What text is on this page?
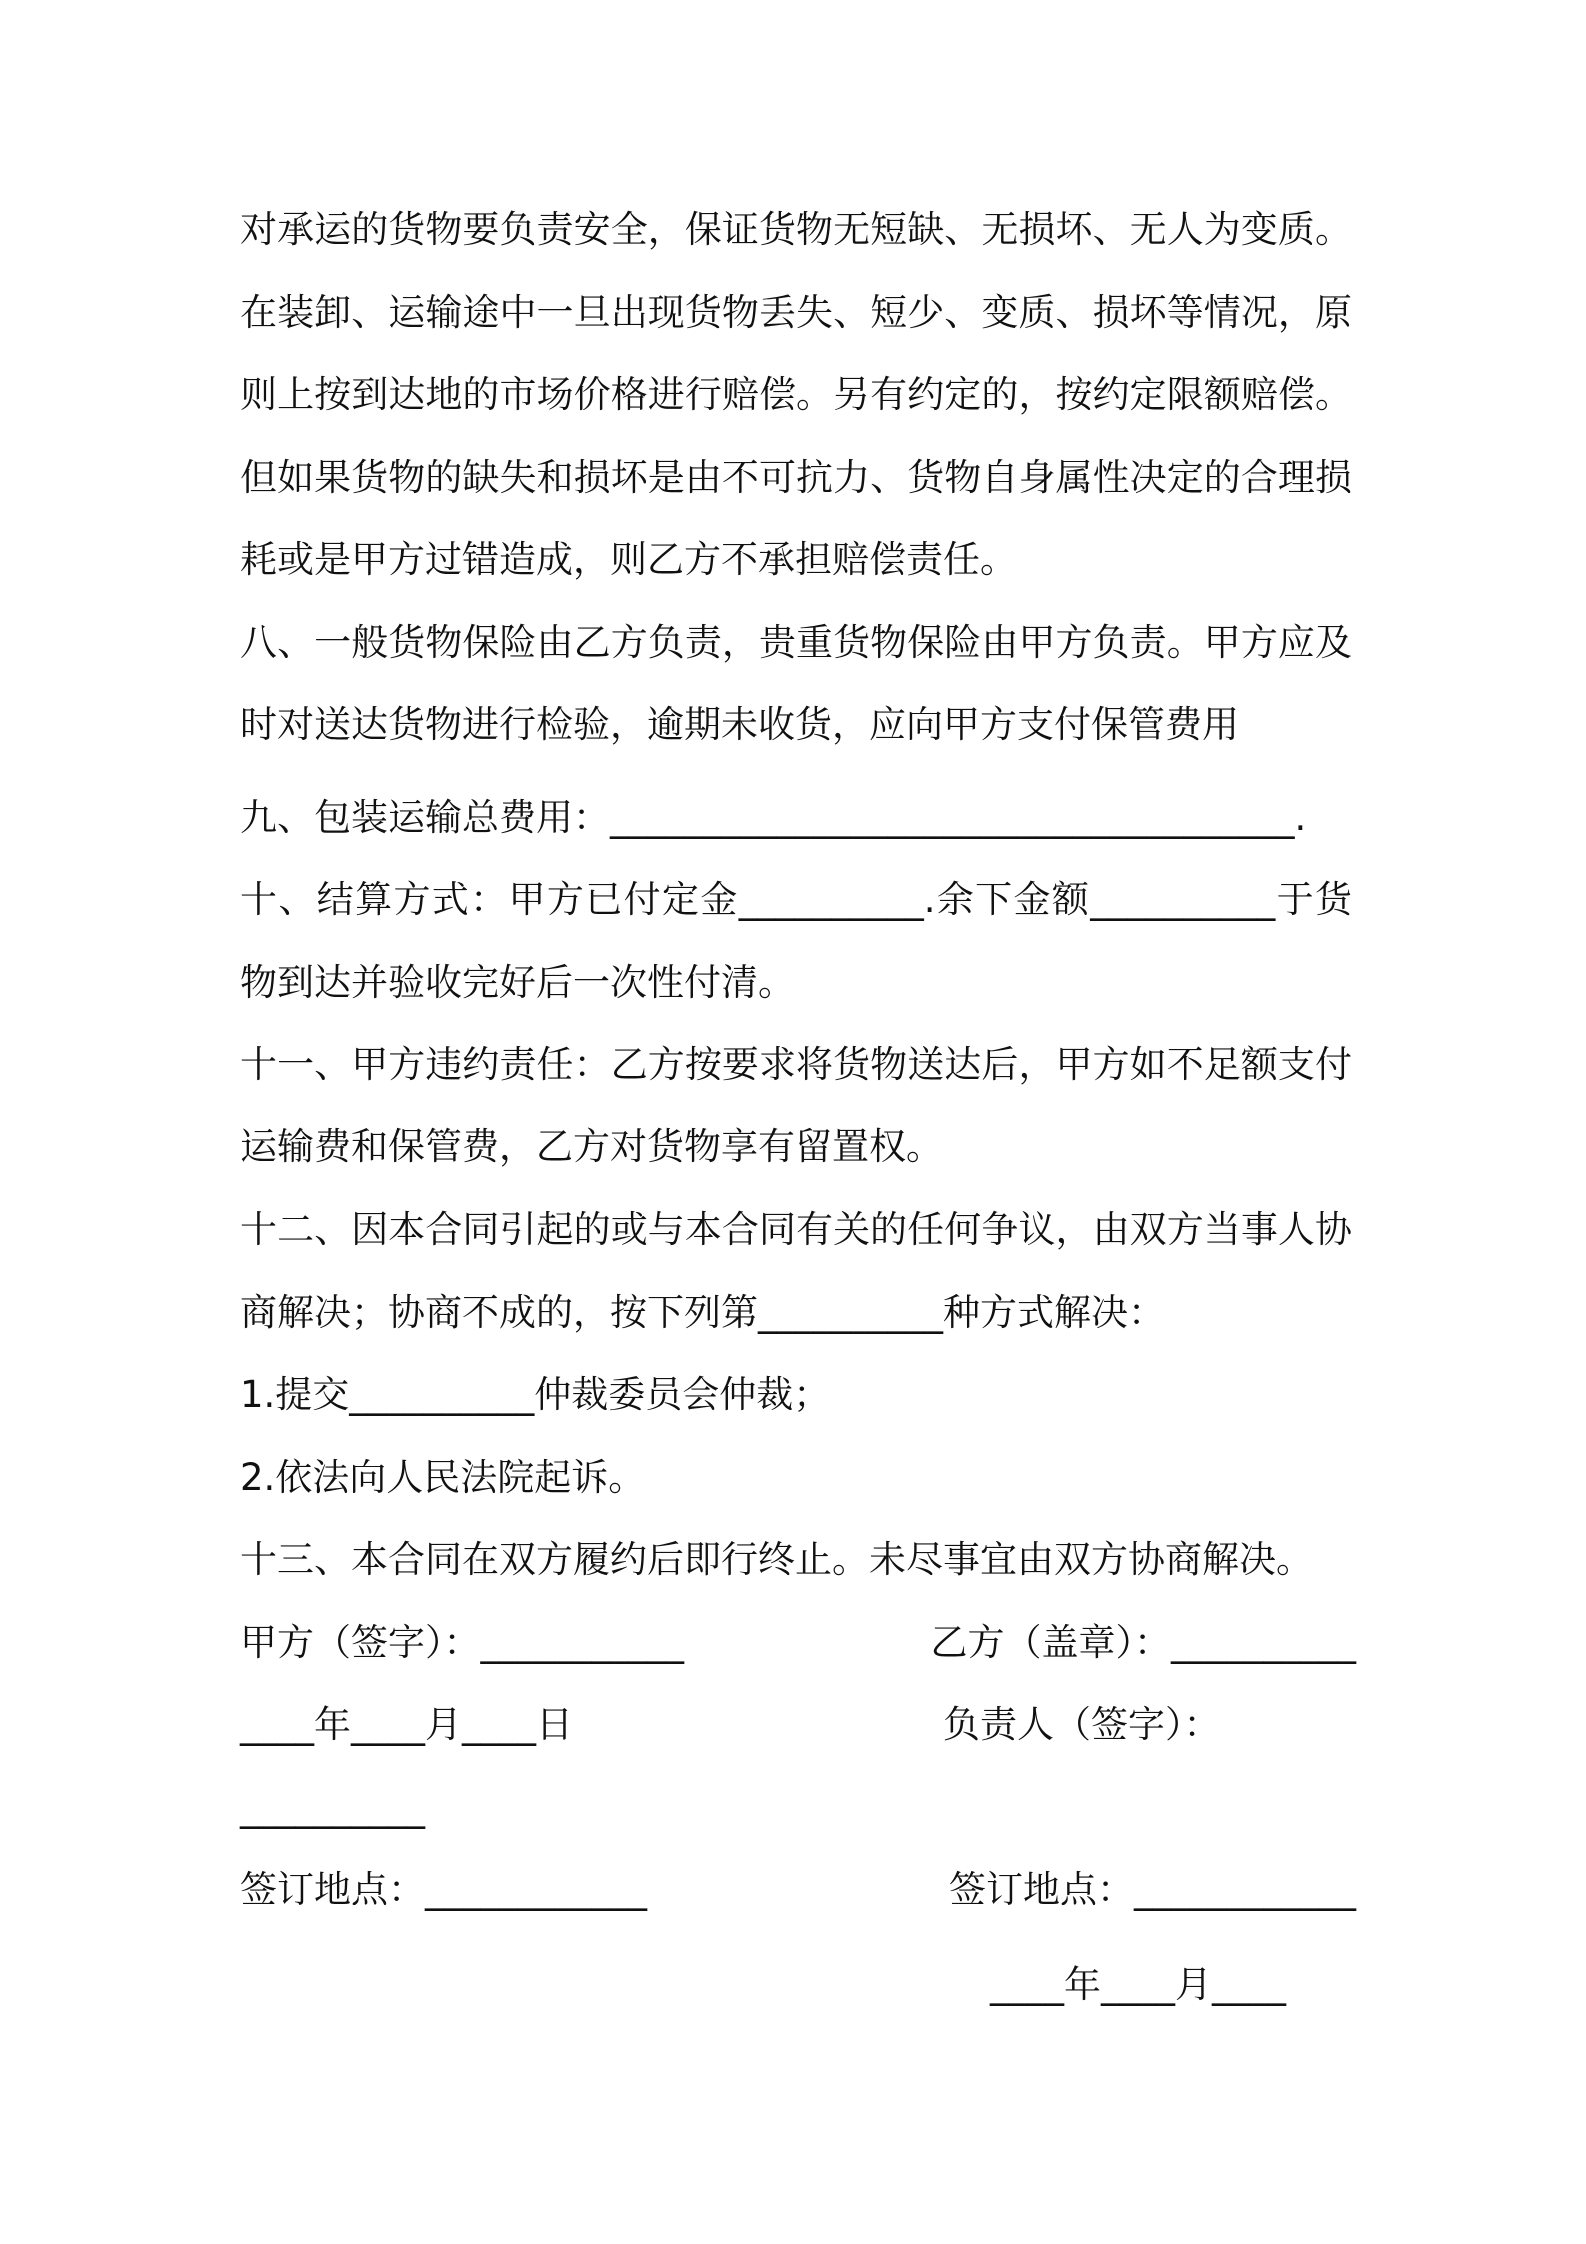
对承运的货物要负责安全，保证货物无短缺、无损坏、无人为变质。
在装卸、运输途中一旦出现货物丢失、短少、变质、损坏等情况，原
则上按到达地的市场价格进行赔偿。另有约定的，按约定限额赔偿。
但如果货物的缺失和损坏是由不可抗力、货物自身属性决定的合理损
耗或是甲方过错造成，则乙方不承担赔偿责任。
八、一般货物保险由乙方负责，贵重货物保险由甲方负责。甲方应及
时对送达货物进行检验，逾期未收货，应向甲方支付保管费用
九、包装运输总费用：_____________________________________.
十、结算方式：甲方已付定金__________.余下金额__________于货
物到达并验收完好后一次性付清。
十一、甲方违约责任：乙方按要求将货物送达后，甲方如不足额支付
运输费和保管费，乙方对货物享有留置权。
十二、因本合同引起的或与本合同有关的任何争议，由双方当事人协
商解决；协商不成的，按下列第__________种方式解决：
1.提交__________仲裁委员会仲裁；
2.依法向人民法院起诉。
十三、本合同在双方履约后即行终止。未尽事宜由双方协商解决。
甲方（签字）：___________	乙方（盖章）：__________
____年____月____日	负责人（签字）：
__________
签订地点：____________	签订地点：____________
____年____月____
